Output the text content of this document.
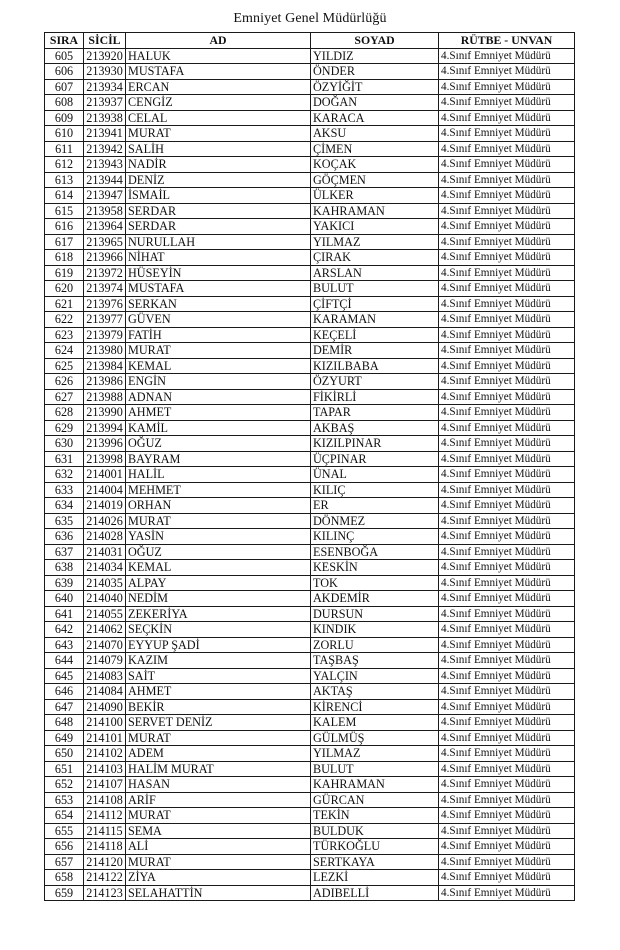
Emniyet Genel Müdürlüğü
SIRA	SİCİL	AD	SOYAD	RÜTBE - UNVAN
605	213920	HALUK	YILDIZ	4.Sınıf Emniyet Müdürü
606	213930	MUSTAFA	ÖNDER	4.Sınıf Emniyet Müdürü
607	213934	ERCAN	ÖZYİĞİT	4.Sınıf Emniyet Müdürü
608	213937	CENGİZ	DOĞAN	4.Sınıf Emniyet Müdürü
609	213938	CELAL	KARACA	4.Sınıf Emniyet Müdürü
610	213941	MURAT	AKSU	4.Sınıf Emniyet Müdürü
611	213942	SALİH	ÇİMEN	4.Sınıf Emniyet Müdürü
612	213943	NADİR	KOÇAK	4.Sınıf Emniyet Müdürü
613	213944	DENİZ	GÖÇMEN	4.Sınıf Emniyet Müdürü
614	213947	İSMAİL	ÜLKER	4.Sınıf Emniyet Müdürü
615	213958	SERDAR	KAHRAMAN	4.Sınıf Emniyet Müdürü
616	213964	SERDAR	YAKICI	4.Sınıf Emniyet Müdürü
617	213965	NURULLAH	YILMAZ	4.Sınıf Emniyet Müdürü
618	213966	NİHAT	ÇIRAK	4.Sınıf Emniyet Müdürü
619	213972	HÜSEYİN	ARSLAN	4.Sınıf Emniyet Müdürü
620	213974	MUSTAFA	BULUT	4.Sınıf Emniyet Müdürü
621	213976	SERKAN	ÇİFTÇİ	4.Sınıf Emniyet Müdürü
622	213977	GÜVEN	KARAMAN	4.Sınıf Emniyet Müdürü
623	213979	FATİH	KEÇELİ	4.Sınıf Emniyet Müdürü
624	213980	MURAT	DEMİR	4.Sınıf Emniyet Müdürü
625	213984	KEMAL	KIZILBABA	4.Sınıf Emniyet Müdürü
626	213986	ENGİN	ÖZYURT	4.Sınıf Emniyet Müdürü
627	213988	ADNAN	FİKİRLİ	4.Sınıf Emniyet Müdürü
628	213990	AHMET	TAPAR	4.Sınıf Emniyet Müdürü
629	213994	KAMİL	AKBAŞ	4.Sınıf Emniyet Müdürü
630	213996	OĞUZ	KIZILPINAR	4.Sınıf Emniyet Müdürü
631	213998	BAYRAM	ÜÇPINAR	4.Sınıf Emniyet Müdürü
632	214001	HALİL	ÜNAL	4.Sınıf Emniyet Müdürü
633	214004	MEHMET	KILIÇ	4.Sınıf Emniyet Müdürü
634	214019	ORHAN	ER	4.Sınıf Emniyet Müdürü
635	214026	MURAT	DÖNMEZ	4.Sınıf Emniyet Müdürü
636	214028	YASİN	KILINÇ	4.Sınıf Emniyet Müdürü
637	214031	OĞUZ	ESENBOĞA	4.Sınıf Emniyet Müdürü
638	214034	KEMAL	KESKİN	4.Sınıf Emniyet Müdürü
639	214035	ALPAY	TOK	4.Sınıf Emniyet Müdürü
640	214040	NEDİM	AKDEMİR	4.Sınıf Emniyet Müdürü
641	214055	ZEKERİYA	DURSUN	4.Sınıf Emniyet Müdürü
642	214062	SEÇKİN	KINDIK	4.Sınıf Emniyet Müdürü
643	214070	EYYUP ŞADİ	ZORLU	4.Sınıf Emniyet Müdürü
644	214079	KAZIM	TAŞBAŞ	4.Sınıf Emniyet Müdürü
645	214083	SAİT	YALÇIN	4.Sınıf Emniyet Müdürü
646	214084	AHMET	AKTAŞ	4.Sınıf Emniyet Müdürü
647	214090	BEKİR	KİRENCİ	4.Sınıf Emniyet Müdürü
648	214100	SERVET DENİZ	KALEM	4.Sınıf Emniyet Müdürü
649	214101	MURAT	GÜLMÜŞ	4.Sınıf Emniyet Müdürü
650	214102	ADEM	YILMAZ	4.Sınıf Emniyet Müdürü
651	214103	HALİM MURAT	BULUT	4.Sınıf Emniyet Müdürü
652	214107	HASAN	KAHRAMAN	4.Sınıf Emniyet Müdürü
653	214108	ARİF	GÜRCAN	4.Sınıf Emniyet Müdürü
654	214112	MURAT	TEKİN	4.Sınıf Emniyet Müdürü
655	214115	SEMA	BULDUK	4.Sınıf Emniyet Müdürü
656	214118	ALİ	TÜRKOĞLU	4.Sınıf Emniyet Müdürü
657	214120	MURAT	SERTKAYA	4.Sınıf Emniyet Müdürü
658	214122	ZİYA	LEZKİ	4.Sınıf Emniyet Müdürü
659	214123	SELAHATTİN	ADIBELLİ	4.Sınıf Emniyet Müdürü
